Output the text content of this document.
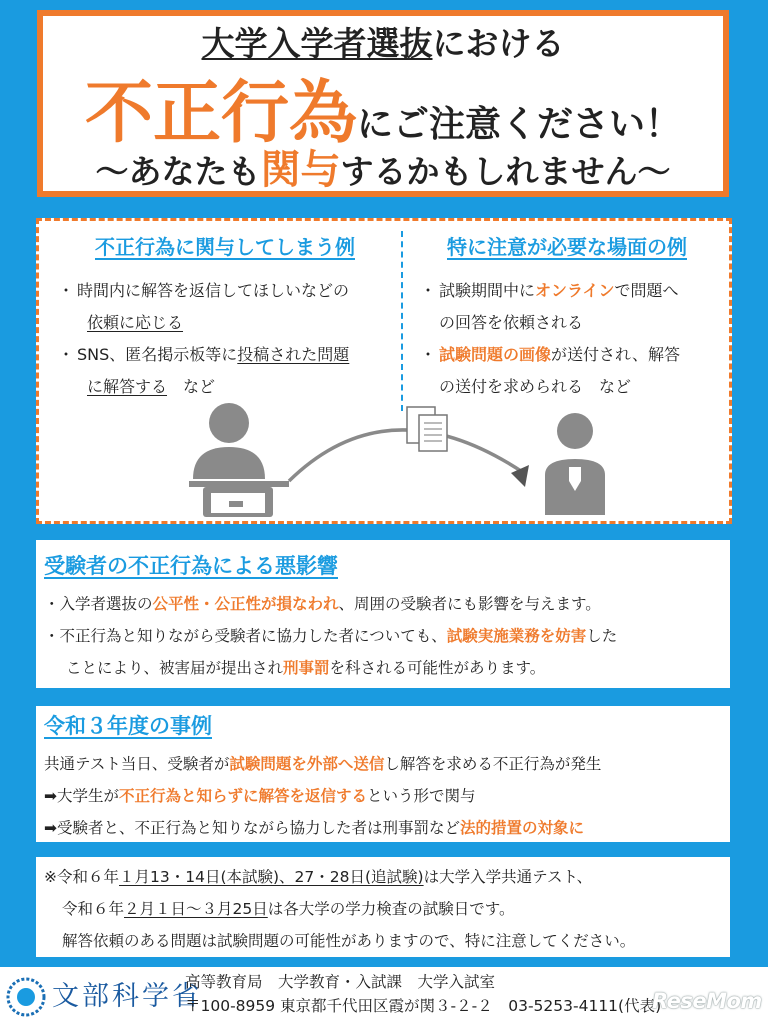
大学入学者選抜における
不正行為にご注意ください！
〜あなたも関与するかもしれません〜
不正行為に関与してしまう例
・ 時間内に解答を返信してほしいなどの
依頼に応じる
・ SNS、匿名掲示板等に投稿された問題
に解答する　など
特に注意が必要な場面の例
・ 試験期間中にオンラインで問題へ
の回答を依頼される
・ 試験問題の画像が送付され、解答
の送付を求められる　など
受験者の不正行為による悪影響
・入学者選抜の公平性・公正性が損なわれ、周囲の受験者にも影響を与えます。
・不正行為と知りながら受験者に協力した者についても、試験実施業務を妨害した
ことにより、被害届が提出され刑事罰を科される可能性があります。
令和３年度の事例
共通テスト当日、受験者が試験問題を外部へ送信し解答を求める不正行為が発生
➡大学生が不正行為と知らずに解答を返信するという形で関与
➡受験者と、不正行為と知りながら協力した者は刑事罰など法的措置の対象に
※令和６年１月13・14日(本試験)、27・28日(追試験)は大学入学共通テスト、
令和６年２月１日～３月25日は各大学の学力検査の試験日です。
解答依頼のある問題は試験問題の可能性がありますので、特に注意してください。
文部科学省
高等教育局　大学教育・入試課　大学入試室
〒100-8959 東京都千代田区霞が関３-２-２　03-5253-4111(代表)
ReseMom
